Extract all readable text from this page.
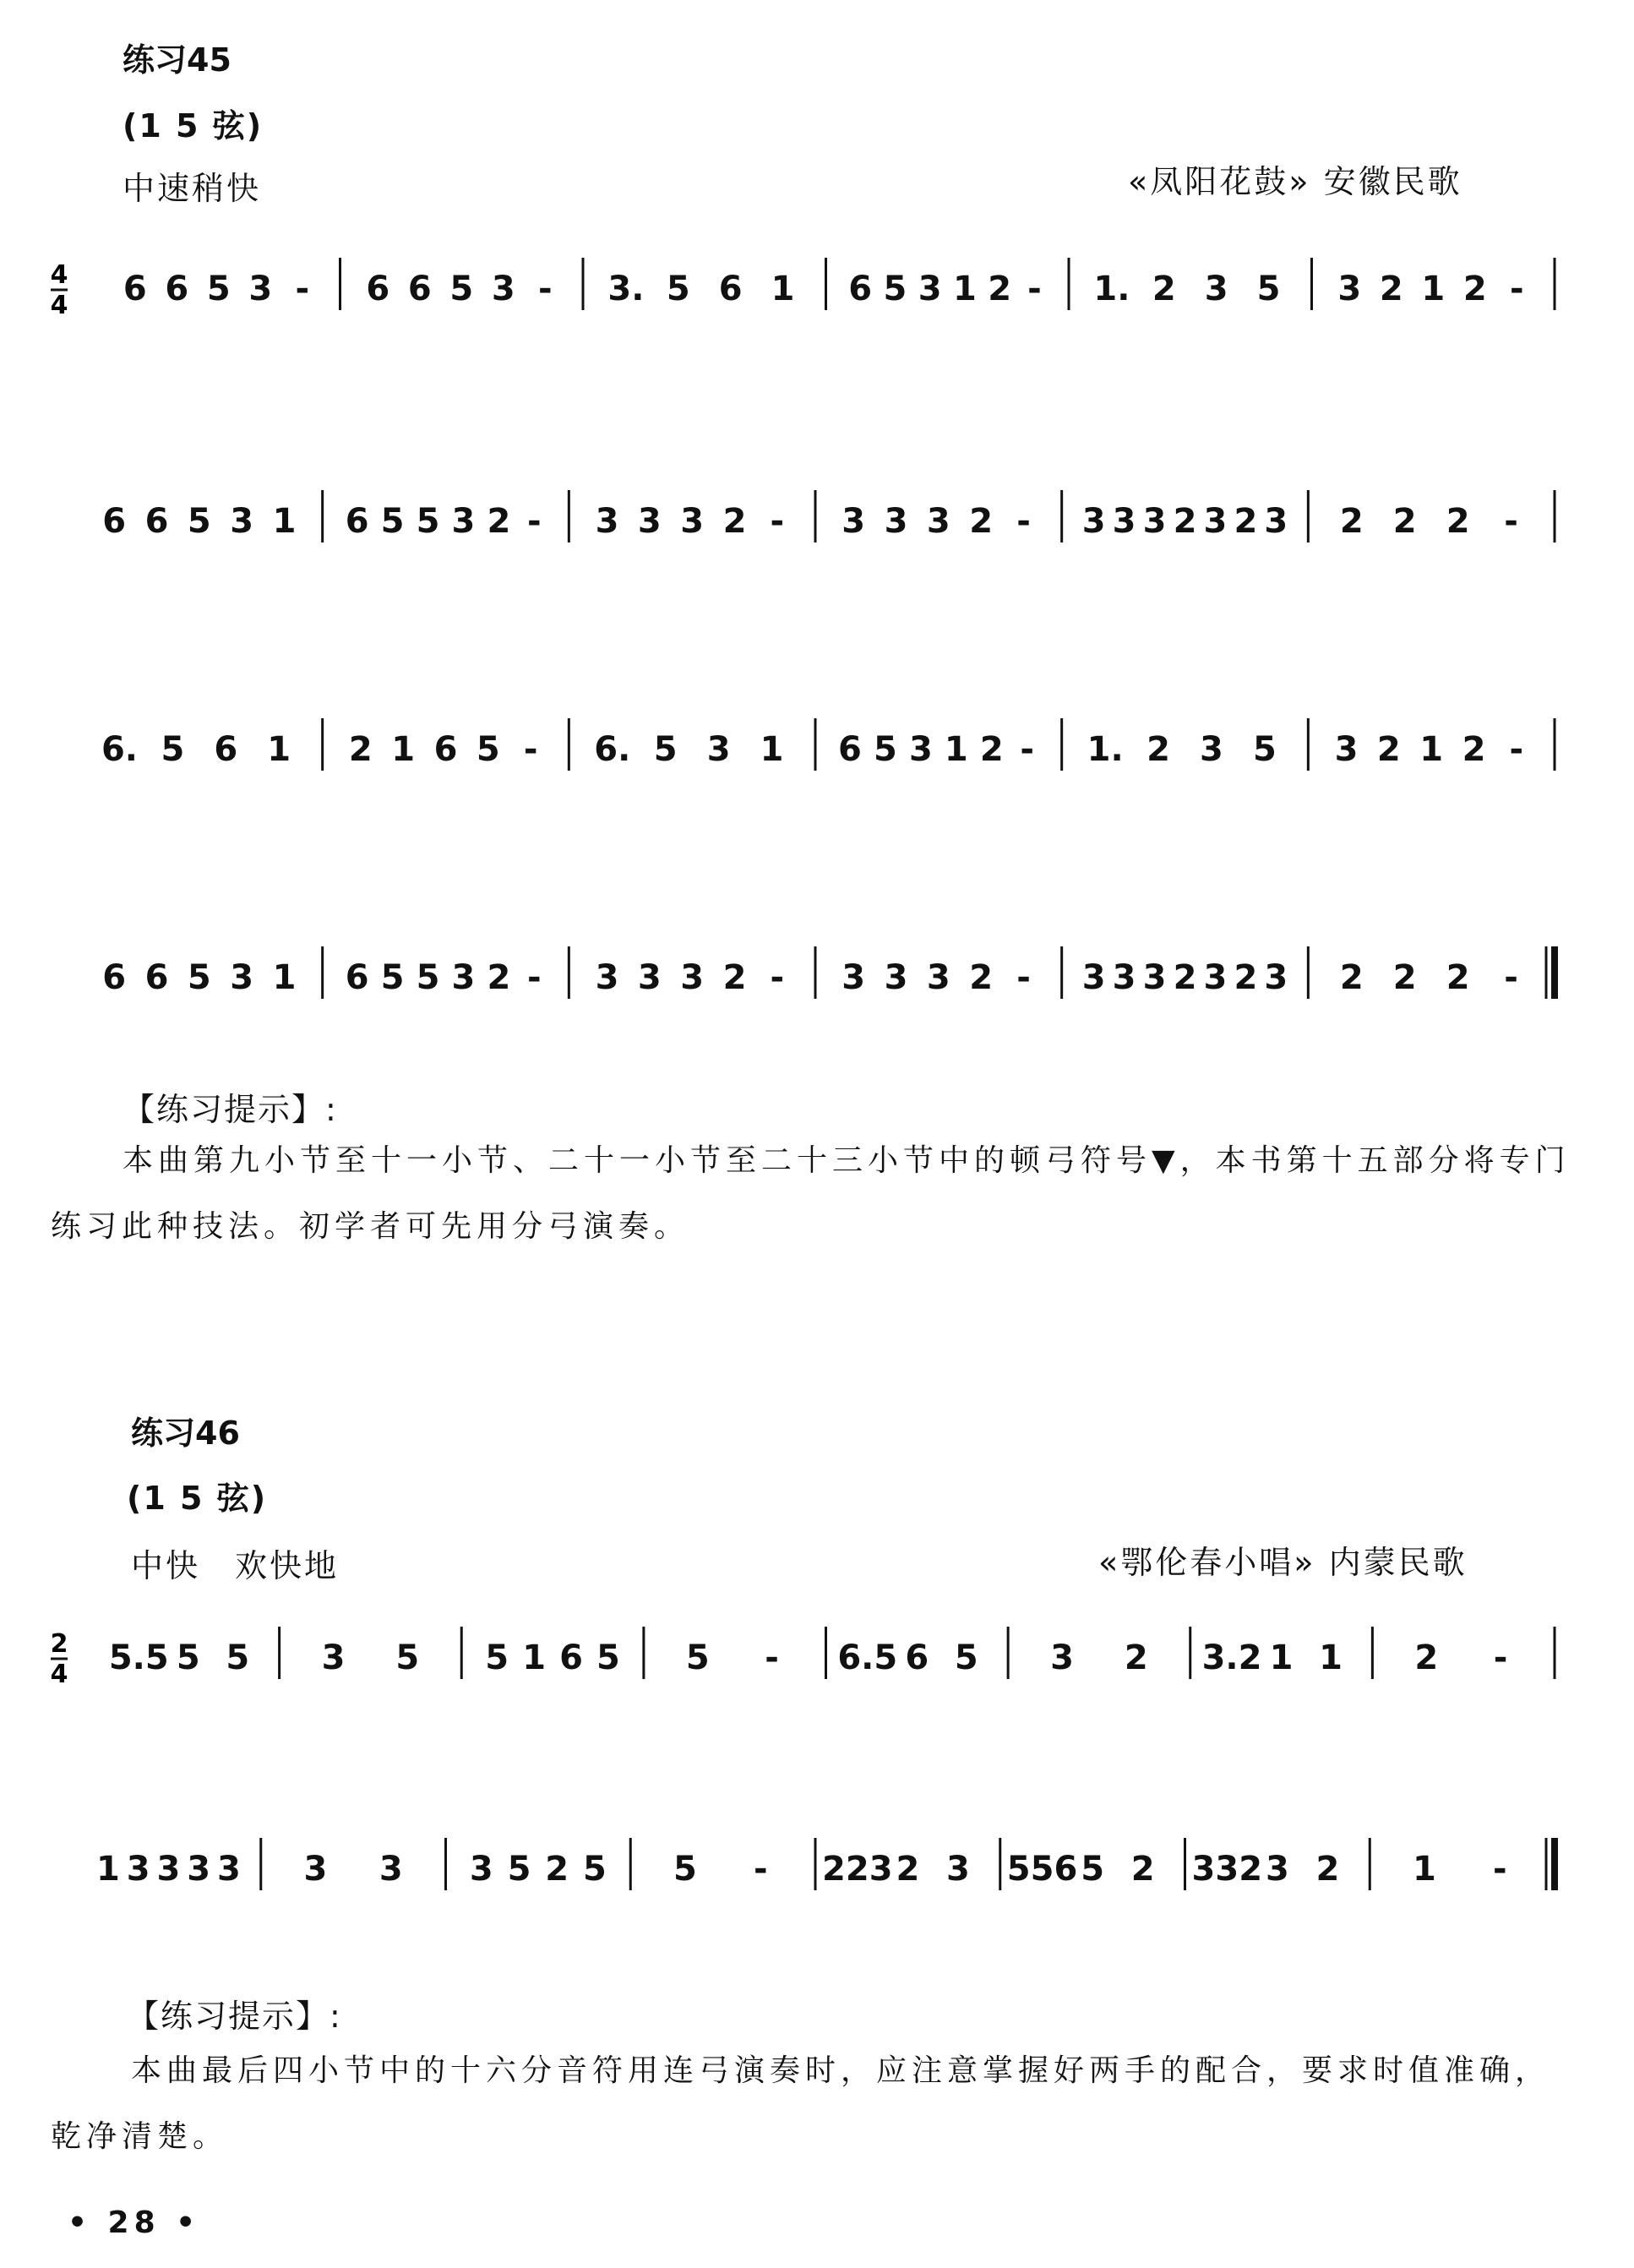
练习45
(1 5 弦)
中速稍快	«凤阳花鼓» 安徽民歌
4
4 6 6 5 3 - 6 6 5 3 - 3. 5 6 1 6 5 3 1 2 - 1. 2 3 5 3 2 1 2 -
6 6 5 3 1 6 5 5 3 2 - 3 3 3 2 - 3 3 3 2 - 3 3 3 2 3 2 3 2 2 2 -
6. 5 6 1 2 1 6 5 - 6. 5 3 1 6 5 3 1 2 - 1. 2 3 5 3 2 1 2 -
6 6 5 3 1 6 5 5 3 2 - 3 3 3 2 - 3 3 3 2 - 3 3 3 2 3 2 3 2 2 2 -
【练习提示】:
本曲第九小节至十一小节、二十一小节至二十三小节中的顿弓符号▼，本书第十五部分将专门练习此种技法。初学者可先用分弓演奏。
练习46
(1 5 弦)
中快　欢快地	«鄂伦春小唱» 内蒙民歌
2
4 5.5 5 5 3 5 5 1 6 5 5 - 6.5 6 5 3 2 3.2 1 1 2 -
1 3 3 3 3 3 3 3 5 2 5 5 - 223 2 3 556 5 2 332 3 2 1 -
【练习提示】:
本曲最后四小节中的十六分音符用连弓演奏时，应注意掌握好两手的配合，要求时值准确，乾净清楚。
• 28 •
